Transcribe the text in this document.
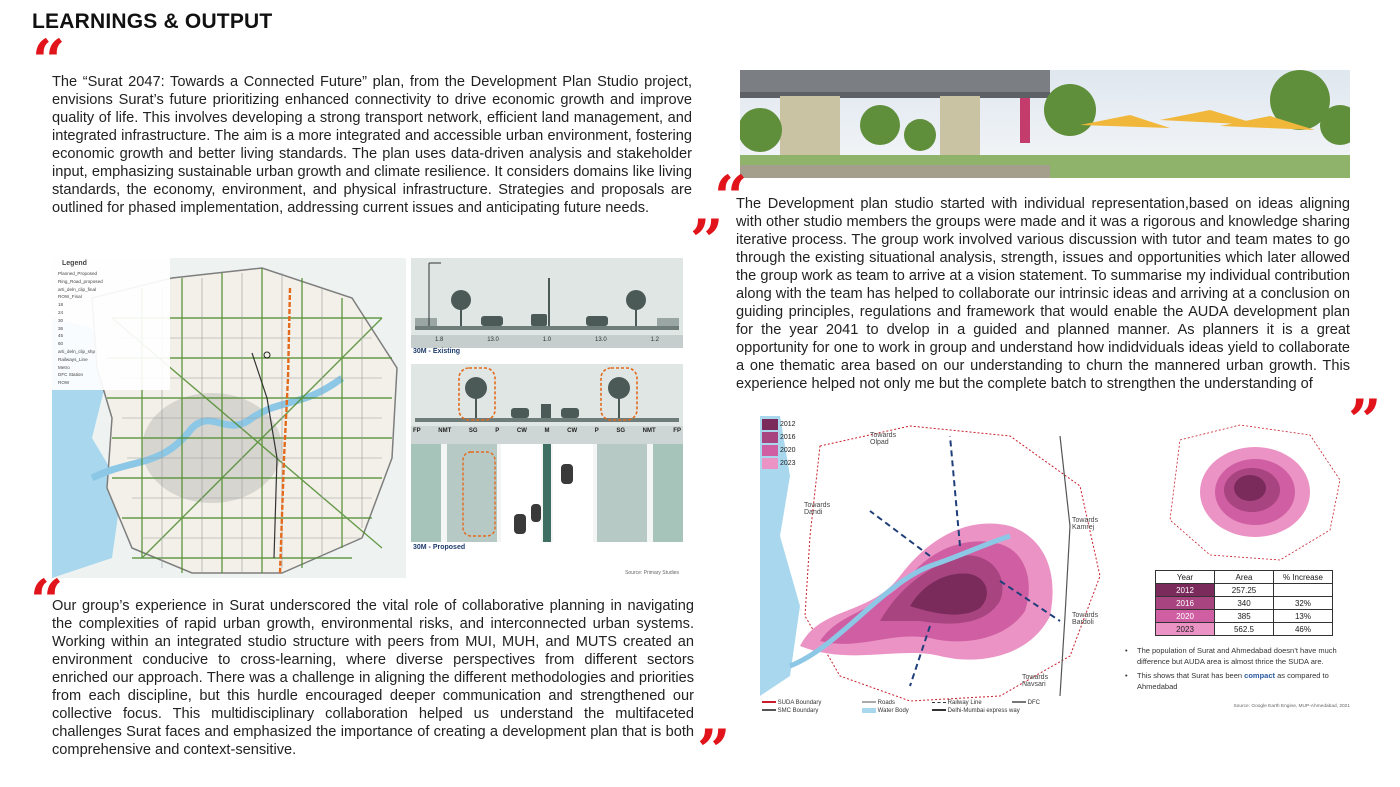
LEARNINGS & OUTPUT
“
The “Surat 2047: Towards a Connected Future” plan, from the Development Plan Studio project, envisions Surat’s future prioritizing enhanced connectivity to drive economic growth and improve quality of life. This involves developing a strong transport network, efficient land management, and integrated infrastructure. The aim is a more integrated and accessible urban environment, fostering economic growth and better living standards. The plan uses data-driven analysis and stakeholder input, emphasizing sustainable urban growth and climate resilience. It considers domains like living standards, the economy, environment, and physical infrastructure. Strategies and proposals are outlined for phased implementation, addressing current issues and anticipating future needs. ”
Legend
Planned_Proposed
Ring_Road_proposed
arti_deln_clip_final
ROW_Final
18
24
30
36
45
60
arti_deln_clip_shp
Railways_Line
Metro
DFC Station
ROW
1.8	13.0	1.0	13.0	1.2
30M - Existing
FP	NMT	SG	P	CW	M	CW	P	SG	NMT	FP
30M - Proposed
Source: Primary Studies
“
Our group’s experience in Surat underscored the vital role of collaborative planning in navigating the complexities of rapid urban growth, environmental risks, and interconnected urban systems. Working within an integrated studio structure with peers from MUI, MUH, and MUTS created an environment conducive to cross-learning, where diverse perspectives from different sectors enriched our approach. There was a challenge in aligning the different methodologies and priorities from each discipline, but this hurdle encouraged deeper communication and strengthened our collective focus. This multidisciplinary collaboration helped us understand the multifaceted challenges Surat faces and emphasized the importance of creating a development plan that is both comprehensive and context-sensitive.	”
“
The Development plan studio started with individual representation,based on ideas aligning with other studio members the groups were made and it was a rigorous and knowledge sharing iterative process. The group work involved various discussion with tutor and team mates to go through the existing situational analysis, strength, issues and opportunities which later allowed the group work as team to arrive at a vision statement. To summarise my individual contribution along with the team has helped to collaborate our intrinsic ideas and arriving at a conclusion on guiding principles, regulations and framework that would enable the AUDA development plan for the year 2041 to dvelop in a guided and planned manner. As planners it is a great opportunity for one to work in group and understand how indidviduals ideas yield to collaborate a one thematic area based on our understanding to churn the mannered urban growth. This experience helped not only me but the complete batch to strengthen the understanding of
”
2012
2016
2020
2023
Towards Olpad
Towards Dandi
Towards Kamrej
Towards Bardoli
Towards Navsari
SUDA Boundary
SMC Boundary
Roads
Water Body
Railway Line
Delhi-Mumbai express way
DFC
Year	Area	% Increase
2012	257.25	
2016	340	32%
2020	385	13%
2023	562.5	46%
•	The population of Surat and Ahmedabad doesn’t have much difference but AUDA area is almost thrice the SUDA are.
•	This shows that Surat has been compact as compared to Ahmedabad
Source: Google Earth Engine, MUP-Ahmedabad, 2021
